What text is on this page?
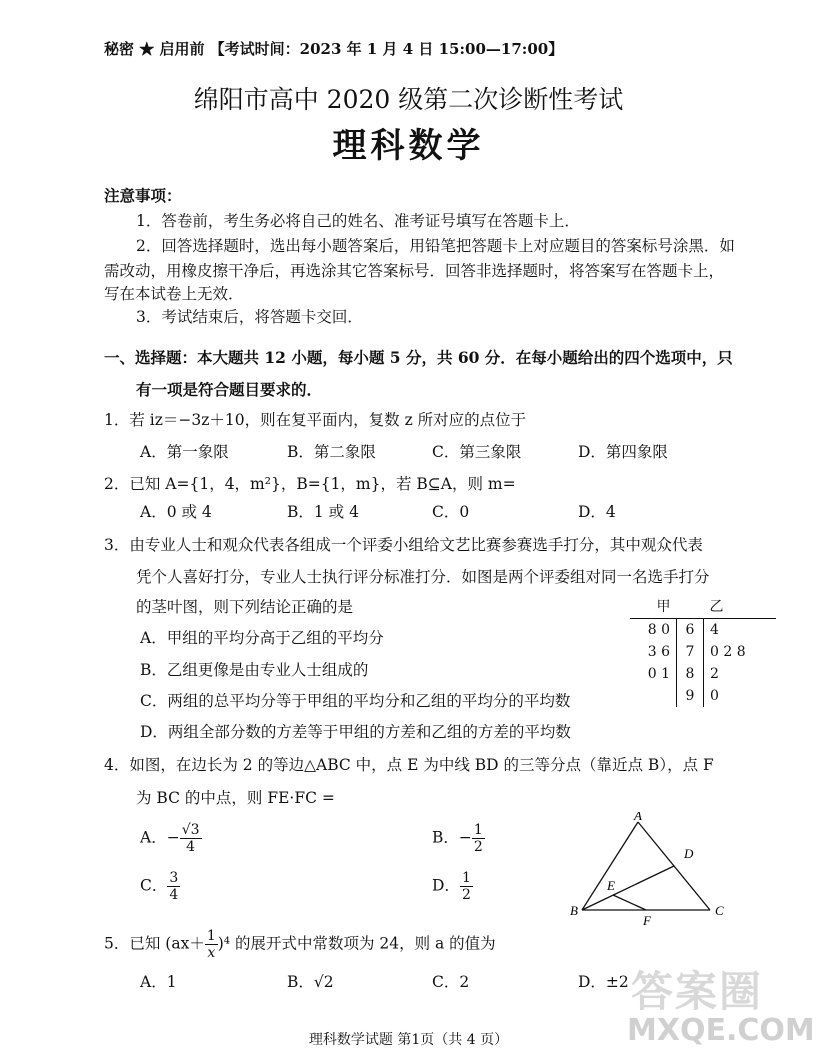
秘密 ★ 启用前 【考试时间：2023 年 1 月 4 日 15:00—17:00】
绵阳市高中 2020 级第二次诊断性考试
理科数学
注意事项：
1．答卷前，考生务必将自己的姓名、准考证号填写在答题卡上．
2．回答选择题时，选出每小题答案后，用铅笔把答题卡上对应题目的答案标号涂黑．如
需改动，用橡皮擦干净后，再选涂其它答案标号．回答非选择题时，将答案写在答题卡上，
写在本试卷上无效．
3．考试结束后，将答题卡交回．
一、选择题：本大题共 12 小题，每小题 5 分，共 60 分．在每小题给出的四个选项中，只
有一项是符合题目要求的．
1．若 iz＝−3z＋10，则在复平面内，复数 z 所对应的点位于
A．第一象限	B．第二象限	C．第三象限	D．第四象限
2．已知 A={1，4，m²}，B={1，m}，若 B⊆A，则 m=
A．0 或 4	B．1 或 4	C．0	D．4
3．由专业人士和观众代表各组成一个评委小组给文艺比赛参赛选手打分，其中观众代表
凭个人喜好打分，专业人士执行评分标准打分．如图是两个评委组对同一名选手打分
的茎叶图，则下列结论正确的是
A．甲组的平均分高于乙组的平均分
B．乙组更像是由专业人士组成的
C．两组的总平均分等于甲组的平均分和乙组的平均分的平均数
D．两组全部分数的方差等于甲组的方差和乙组的方差的平均数
甲		乙
8 0	6	4
3 6	7	0 2 8
0 1	8	2
	9	0
4．如图，在边长为 2 的等边△ABC 中，点 E 为中线 BD 的三等分点（靠近点 B），点 F
为 BC 的中点，则 FE·FC =
A．− $\frac{√3}{4}$	B．− $\frac{1}{2}$
C． $\frac{3}{4}$	D． $\frac{1}{2}$
A
B	C
D
E
F
5．已知 $(ax+ \frac{1}{x} )^4$ 的展开式中常数项为 24，则 a 的值为
A．1	B．√2	C．2	D．±2
理科数学试题 第1页（共 4 页）
答案圈
MXQE.COM
